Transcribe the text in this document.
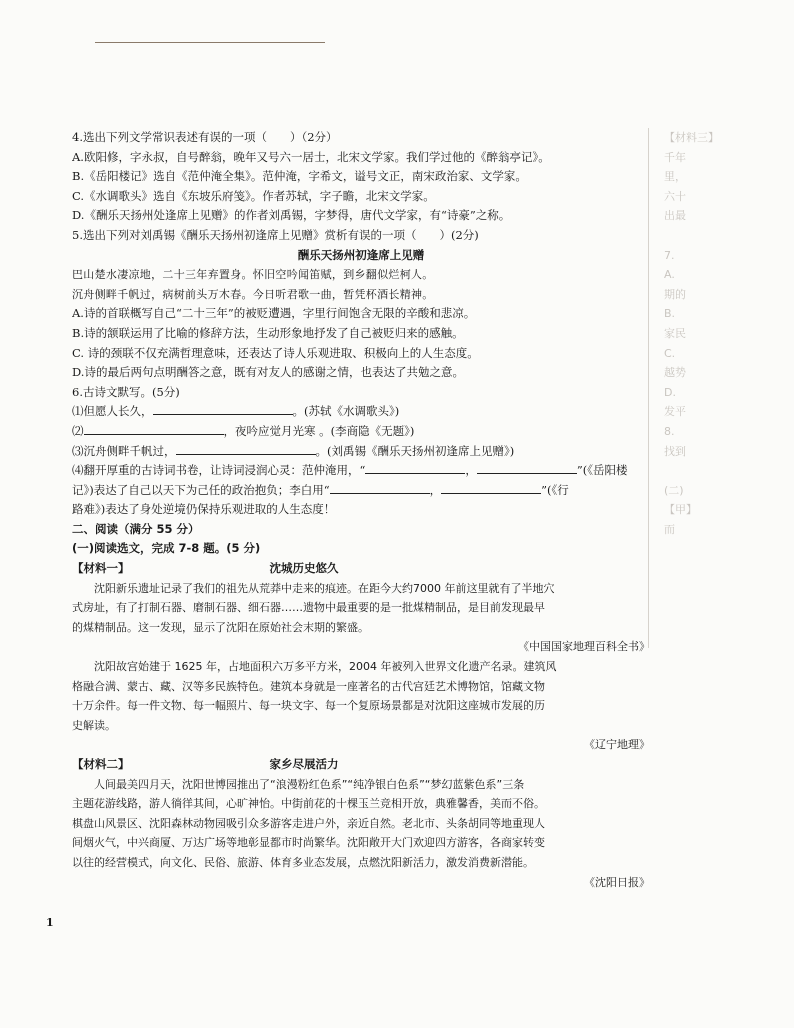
【材料三】
千年
里，
六十
出最

7.
A.
期的
B.
家民
C.
越势
D.
发平
8.
找到

(二)
【甲】
而
4.选出下列文学常识表述有误的一项（　　）（2分）
A.欧阳修，字永叔，自号醉翁，晚年又号六一居士，北宋文学家。我们学过他的《醉翁亭记》。
B.《岳阳楼记》选自《范仲淹全集》。范仲淹，字希文，谥号文正，南宋政治家、文学家。
C.《水调歌头》选自《东坡乐府笺》。作者苏轼，字子瞻，北宋文学家。
D.《酬乐天扬州处逢席上见赠》的作者刘禹锡，字梦得，唐代文学家，有“诗豪”之称。
5.选出下列对刘禹锡《酬乐天扬州初逢席上见赠》赏析有误的一项（　　）(2分)
酬乐天扬州初逢席上见赠
巴山楚水凄凉地，二十三年弃置身。怀旧空吟闻笛赋，到乡翻似烂柯人。
沉舟侧畔千帆过，病树前头万木春。今日听君歌一曲，暂凭杯酒长精神。
A.诗的首联概写自己“二十三年”的被贬遭遇，字里行间饱含无限的辛酸和悲凉。
B.诗的颔联运用了比喻的修辞方法，生动形象地抒发了自己被贬归来的感触。
C. 诗的颈联不仅充满哲理意味，还表达了诗人乐观进取、积极向上的人生态度。
D.诗的最后两句点明酬答之意，既有对友人的感谢之情，也表达了共勉之意。
6.古诗文默写。(5分)
⑴但愿人长久，	。(苏轼《水调歌头》)
⑵	，夜吟应觉月光寒 。(李商隐《无题》)
⑶沉舟侧畔千帆过，	。(刘禹锡《酬乐天扬州初逢席上见赠》)
⑷翻开厚重的古诗词书卷，让诗词浸润心灵：范仲淹用，“	，	”(《岳阳楼
记》)表达了自己以天下为己任的政治抱负；李白用“	，	”(《行
路难》)表达了身处逆境仍保持乐观进取的人生态度！
二、阅读（满分 55 分）
(一)阅读选文，完成 7-8 题。(5 分)
【材料一】	沈城历史悠久
沈阳新乐遗址记录了我们的祖先从荒莽中走来的痕迹。在距今大约7000 年前这里就有了半地穴
式房址，有了打制石器、磨制石器、细石器……遗物中最重要的是一批煤精制品，是目前发现最早
的煤精制品。这一发现，显示了沈阳在原始社会末期的繁盛。
《中国国家地理百科全书》
沈阳故宫始建于 1625 年，占地面积六万多平方米，2004 年被列入世界文化遗产名录。建筑风
格融合满、蒙古、藏、汉等多民族特色。建筑本身就是一座著名的古代宫廷艺术博物馆，馆藏文物
十万余件。每一件文物、每一幅照片、每一块文字、每一个复原场景都是对沈阳这座城市发展的历
史解读。
《辽宁地理》
【材料二】	家乡尽展活力
人间最美四月天，沈阳世博园推出了“浪漫粉红色系”“纯净银白色系”“梦幻蓝紫色系”三条
主题花游线路，游人徜徉其间，心旷神怡。中街前花的十棵玉兰竞相开放，典雅馨香，美而不俗。
棋盘山风景区、沈阳森林动物园吸引众多游客走进户外，亲近自然。老北市、头条胡同等地重现人
间烟火气，中兴商厦、万达广场等地彰显都市时尚繁华。沈阳敞开大门欢迎四方游客，各商家转变
以往的经营模式，向文化、民俗、旅游、体育多业态发展，点燃沈阳新活力，激发消费新潜能。
《沈阳日报》
1
